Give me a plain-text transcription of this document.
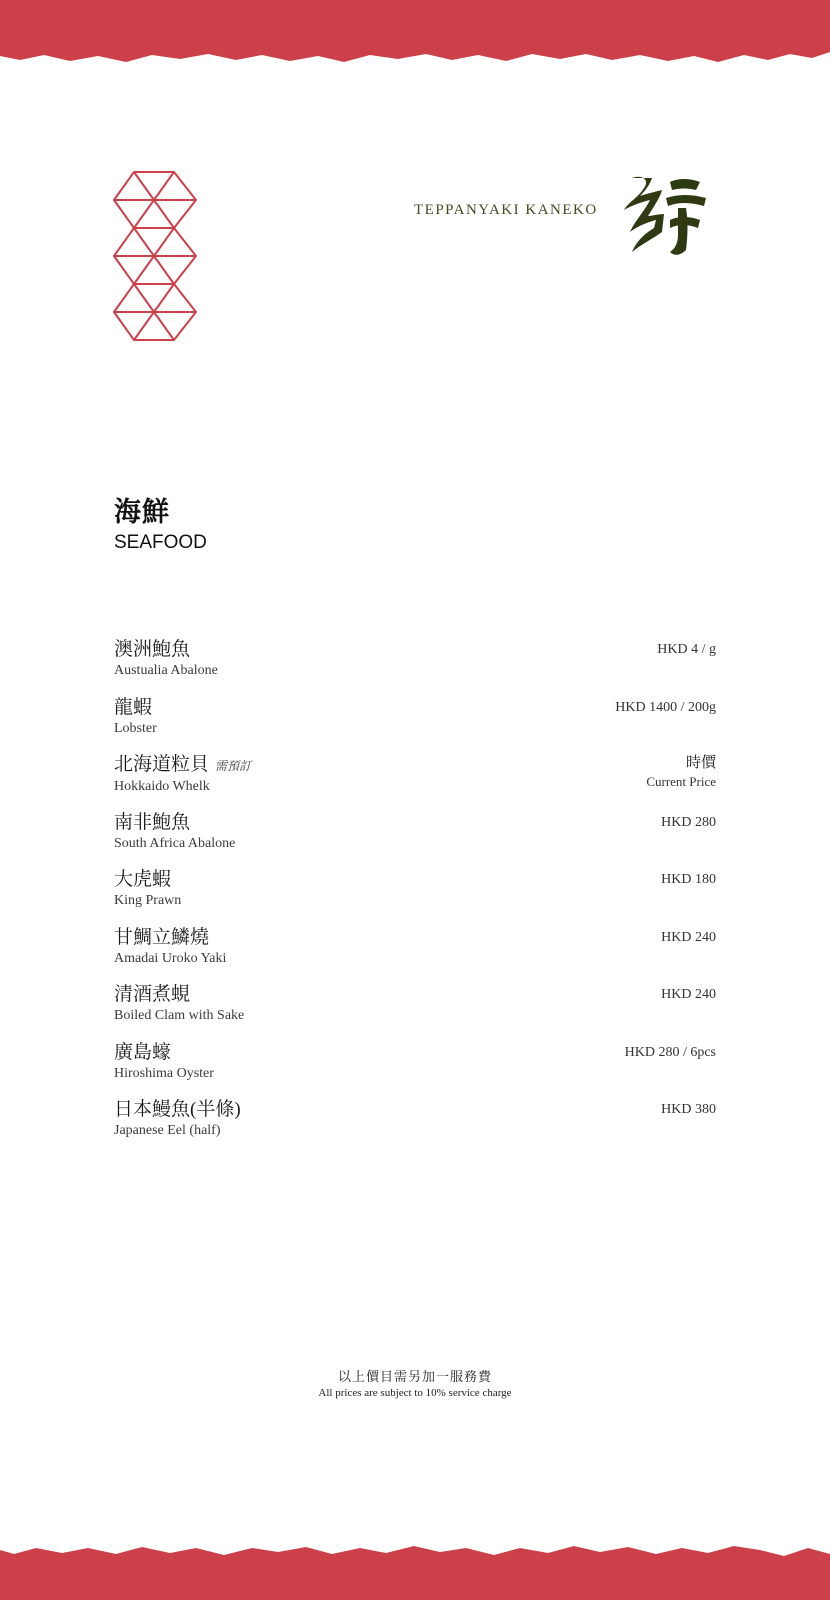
TEPPANYAKI KANEKO
海鮮
SEAFOOD
澳洲鮑魚
Austualia Abalone
HKD 4 / g
龍蝦
Lobster
HKD 1400 / 200g
北海道粒貝 需預訂
Hokkaido Whelk
時價
Current Price
南非鮑魚
South Africa Abalone
HKD 280
大虎蝦
King Prawn
HKD 180
甘鯛立鱗燒
Amadai Uroko Yaki
HKD 240
清酒煮蜆
Boiled Clam with Sake
HKD 240
廣島蠔
Hiroshima Oyster
HKD 280 / 6pcs
日本鰻魚(半條)
Japanese Eel (half)
HKD 380
以上價目需另加一服務費
All prices are subject to 10% service charge
